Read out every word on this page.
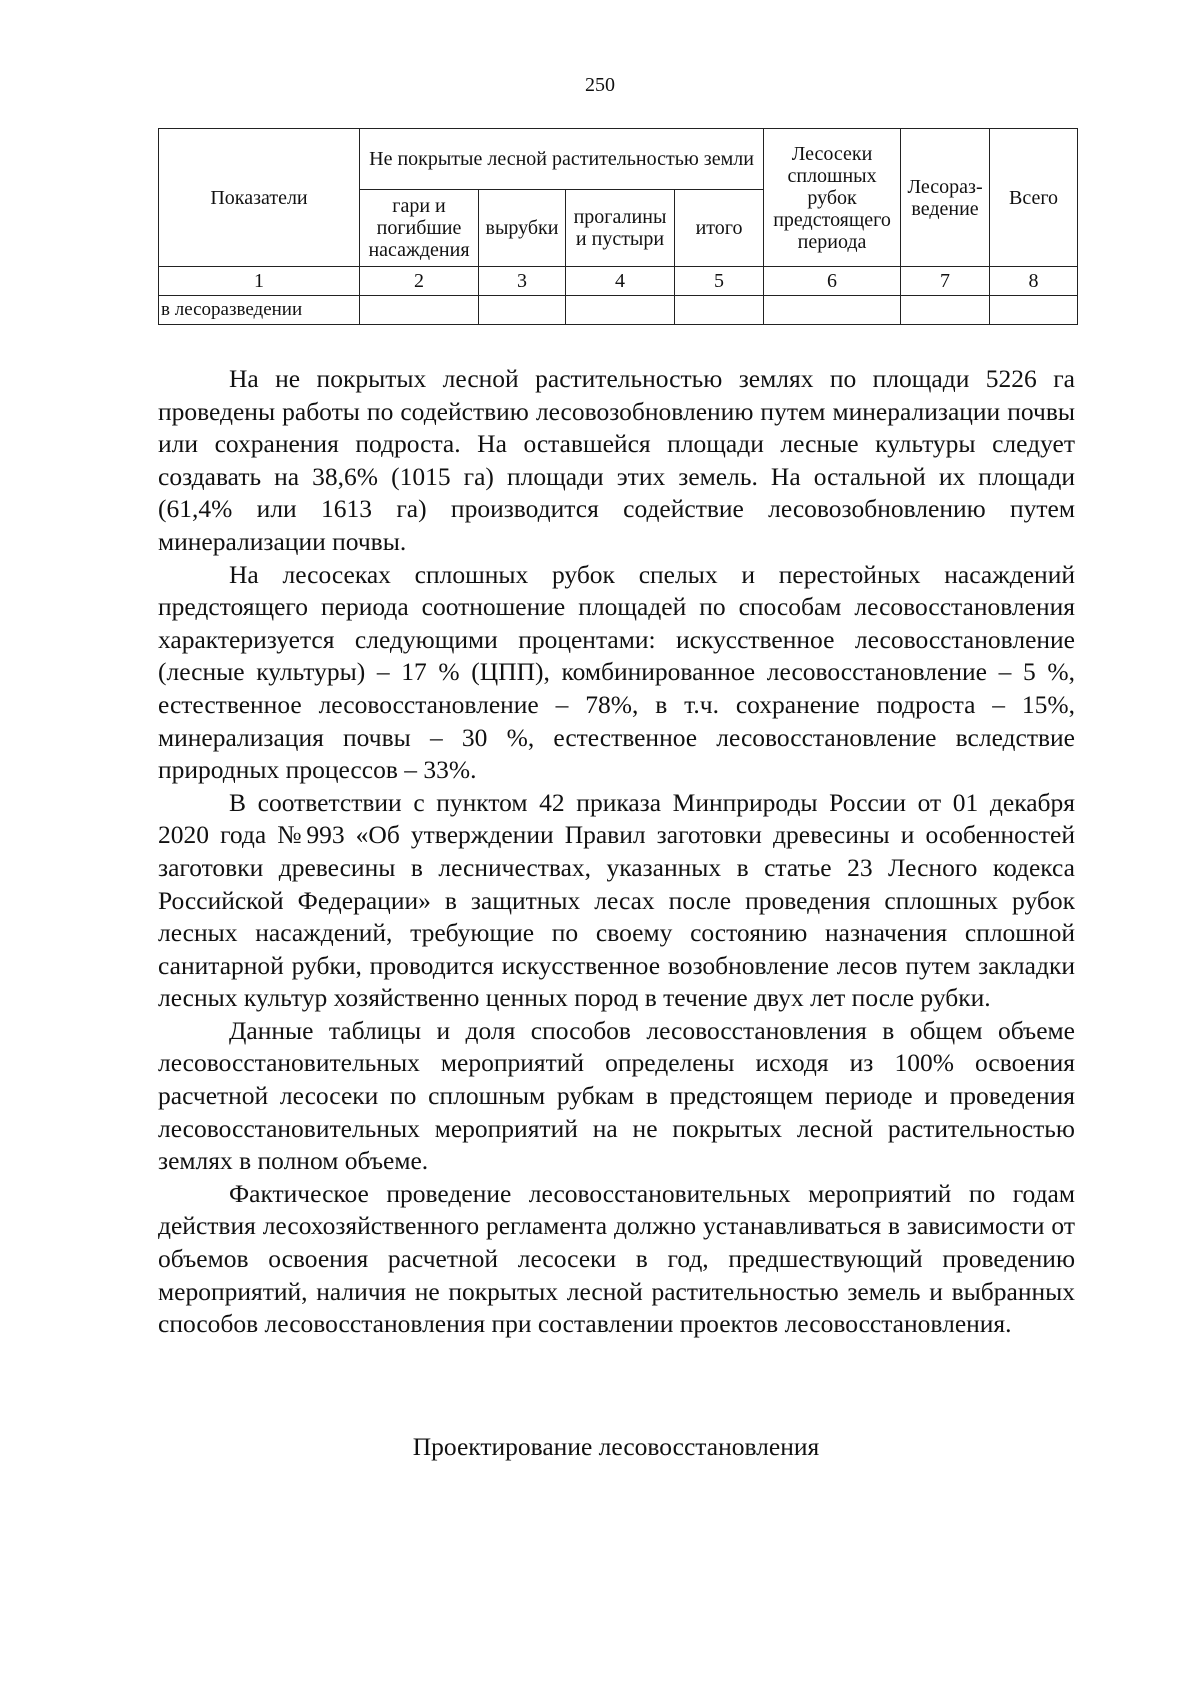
250
Показатели	Не покрытые лесной растительностью земли				Лесосеки сплошных рубок предстоящего периода	Лесораз-ведение	Всего
	гари и погибшие насаждения	вырубки	прогалины и пустыри	итого			
1	2	3	4	5	6	7	8
в лесоразведении							

На не покрытых лесной растительностью землях по площади 5226 га проведены работы по содействию лесовозобновлению путем минерализации почвы или сохранения подроста. На оставшейся площади лесные культуры следует создавать на 38,6% (1015 га) площади этих земель. На остальной их площади (61,4% или 1613 га) производится содействие лесовозобновлению путем минерализации почвы.

На лесосеках сплошных рубок спелых и перестойных насаждений предстоящего периода соотношение площадей по способам лесовосстановления характеризуется следующими процентами: искусственное лесовосстановление (лесные культуры) – 17 % (ЦПП), комбинированное лесовосстановление – 5 %, естественное лесовосстановление – 78%, в т.ч. сохранение подроста – 15%, минерализация почвы – 30 %, естественное лесовосстановление вследствие природных процессов – 33%.

В соответствии с пунктом 42 приказа Минприроды России от 01 декабря 2020 года №993 «Об утверждении Правил заготовки древесины и особенностей заготовки древесины в лесничествах, указанных в статье 23 Лесного кодекса Российской Федерации» в защитных лесах после проведения сплошных рубок лесных насаждений, требующие по своему состоянию назначения сплошной санитарной рубки, проводится искусственное возобновление лесов путем закладки лесных культур хозяйственно ценных пород в течение двух лет после рубки.

Данные таблицы и доля способов лесовосстановления в общем объеме лесовосстановительных мероприятий определены исходя из 100% освоения расчетной лесосеки по сплошным рубкам в предстоящем периоде и проведения лесовосстановительных мероприятий на не покрытых лесной растительностью землях в полном объеме.

Фактическое проведение лесовосстановительных мероприятий по годам действия лесохозяйственного регламента должно устанавливаться в зависимости от объемов освоения расчетной лесосеки в год, предшествующий проведению мероприятий, наличия не покрытых лесной растительностью земель и выбранных способов лесовосстановления при составлении проектов лесовосстановления.

Проектирование лесовосстановления
